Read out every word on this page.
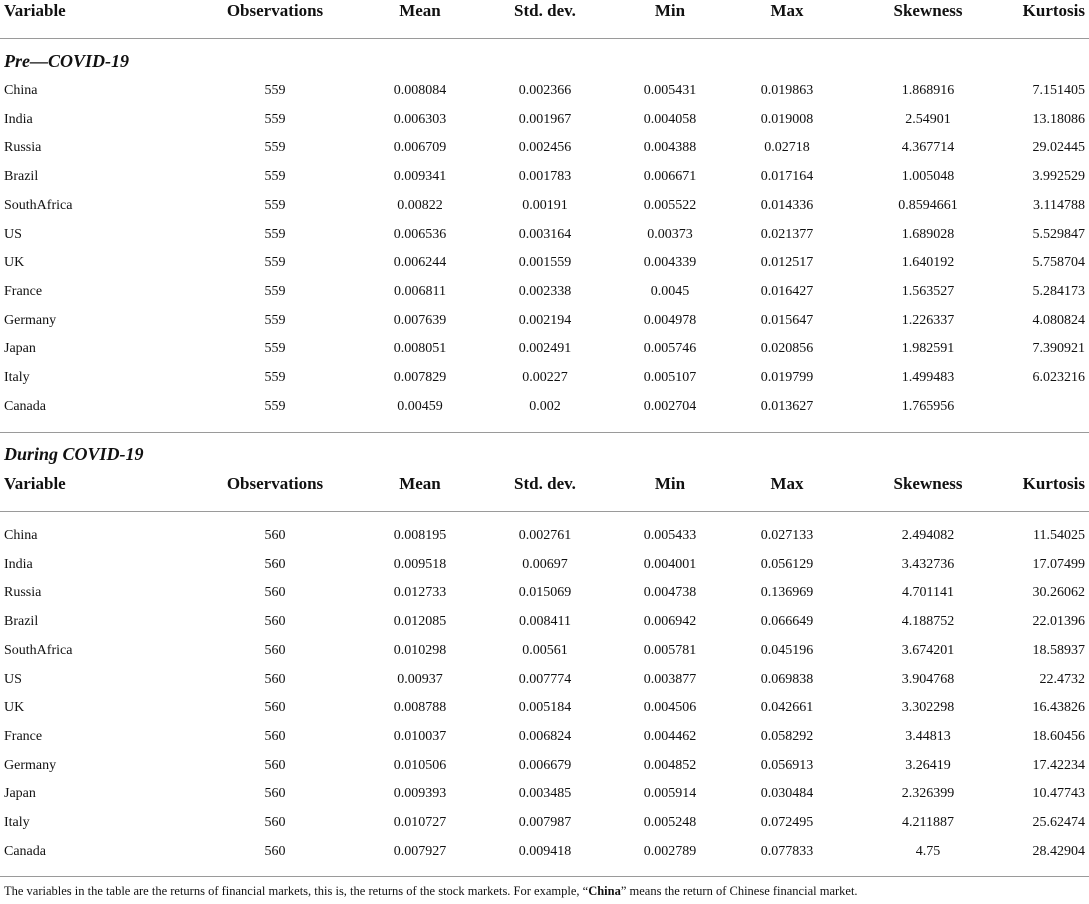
Variable	Observations	Mean	Std. dev.	Min	Max	Skewness	Kurtosis
Pre—COVID-19
China	559	0.008084	0.002366	0.005431	0.019863	1.868916	7.151405
India	559	0.006303	0.001967	0.004058	0.019008	2.54901	13.18086
Russia	559	0.006709	0.002456	0.004388	0.02718	4.367714	29.02445
Brazil	559	0.009341	0.001783	0.006671	0.017164	1.005048	3.992529
SouthAfrica	559	0.00822	0.00191	0.005522	0.014336	0.8594661	3.114788
US	559	0.006536	0.003164	0.00373	0.021377	1.689028	5.529847
UK	559	0.006244	0.001559	0.004339	0.012517	1.640192	5.758704
France	559	0.006811	0.002338	0.0045	0.016427	1.563527	5.284173
Germany	559	0.007639	0.002194	0.004978	0.015647	1.226337	4.080824
Japan	559	0.008051	0.002491	0.005746	0.020856	1.982591	7.390921
Italy	559	0.007829	0.00227	0.005107	0.019799	1.499483	6.023216
Canada	559	0.00459	0.002	0.002704	0.013627	1.765956
During COVID-19
Variable	Observations	Mean	Std. dev.	Min	Max	Skewness	Kurtosis
China	560	0.008195	0.002761	0.005433	0.027133	2.494082	11.54025
India	560	0.009518	0.00697	0.004001	0.056129	3.432736	17.07499
Russia	560	0.012733	0.015069	0.004738	0.136969	4.701141	30.26062
Brazil	560	0.012085	0.008411	0.006942	0.066649	4.188752	22.01396
SouthAfrica	560	0.010298	0.00561	0.005781	0.045196	3.674201	18.58937
US	560	0.00937	0.007774	0.003877	0.069838	3.904768	22.4732
UK	560	0.008788	0.005184	0.004506	0.042661	3.302298	16.43826
France	560	0.010037	0.006824	0.004462	0.058292	3.44813	18.60456
Germany	560	0.010506	0.006679	0.004852	0.056913	3.26419	17.42234
Japan	560	0.009393	0.003485	0.005914	0.030484	2.326399	10.47743
Italy	560	0.010727	0.007987	0.005248	0.072495	4.211887	25.62474
Canada	560	0.007927	0.009418	0.002789	0.077833	4.75	28.42904
The variables in the table are the returns of financial markets, this is, the returns of the stock markets. For example, “China” means the return of Chinese financial market.
